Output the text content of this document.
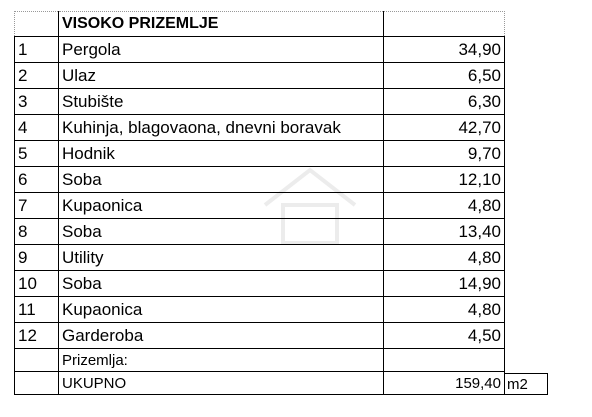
	VISOKO PRIZEMLJE	
1	Pergola	34,90
2	Ulaz	6,50
3	Stubište	6,30
4	Kuhinja, blagovaona, dnevni boravak	42,70
5	Hodnik	9,70
6	Soba	12,10
7	Kupaonica	4,80
8	Soba	13,40
9	Utility	4,80
10	Soba	14,90
11	Kupaonica	4,80
12	Garderoba	4,50
	Prizemlja:	
	UKUPNO	159,40 m2
